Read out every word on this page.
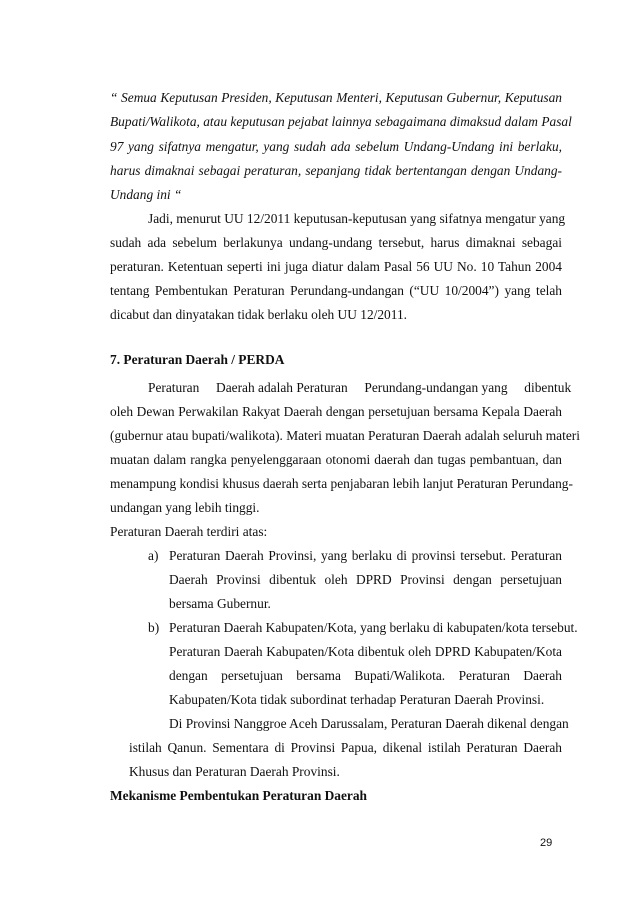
“ Semua Keputusan Presiden, Keputusan Menteri, Keputusan Gubernur, Keputusan
Bupati/Walikota, atau keputusan pejabat lainnya sebagaimana dimaksud dalam Pasal
97 yang sifatnya mengatur, yang sudah ada sebelum Undang-Undang ini berlaku,
harus dimaknai sebagai peraturan, sepanjang tidak bertentangan dengan Undang-
Undang ini “
Jadi, menurut UU 12/2011 keputusan-keputusan yang sifatnya mengatur yang
sudah ada sebelum berlakunya undang-undang tersebut, harus dimaknai sebagai
peraturan. Ketentuan seperti ini juga diatur dalam Pasal 56 UU No. 10 Tahun 2004
tentang Pembentukan Peraturan Perundang-undangan (“UU 10/2004”) yang telah
dicabut dan dinyatakan tidak berlaku oleh UU 12/2011.
7. Peraturan Daerah / PERDA
Peraturan     Daerah adalah Peraturan     Perundang-undangan yang     dibentuk
oleh Dewan Perwakilan Rakyat Daerah dengan persetujuan bersama Kepala Daerah
(gubernur atau bupati/walikota). Materi muatan Peraturan Daerah adalah seluruh materi
muatan dalam rangka penyelenggaraan otonomi daerah dan tugas pembantuan, dan
menampung kondisi khusus daerah serta penjabaran lebih lanjut Peraturan Perundang-
undangan yang lebih tinggi.
Peraturan Daerah terdiri atas:
a) Peraturan Daerah Provinsi, yang berlaku di provinsi tersebut. Peraturan
Daerah Provinsi dibentuk oleh DPRD Provinsi dengan persetujuan
bersama Gubernur.
b) Peraturan Daerah Kabupaten/Kota, yang berlaku di kabupaten/kota tersebut.
Peraturan Daerah Kabupaten/Kota dibentuk oleh DPRD Kabupaten/Kota
dengan persetujuan bersama Bupati/Walikota. Peraturan Daerah
Kabupaten/Kota tidak subordinat terhadap Peraturan Daerah Provinsi.
Di Provinsi Nanggroe Aceh Darussalam, Peraturan Daerah dikenal dengan
istilah Qanun. Sementara di Provinsi Papua, dikenal istilah Peraturan Daerah
Khusus dan Peraturan Daerah Provinsi.
Mekanisme Pembentukan Peraturan Daerah
29
